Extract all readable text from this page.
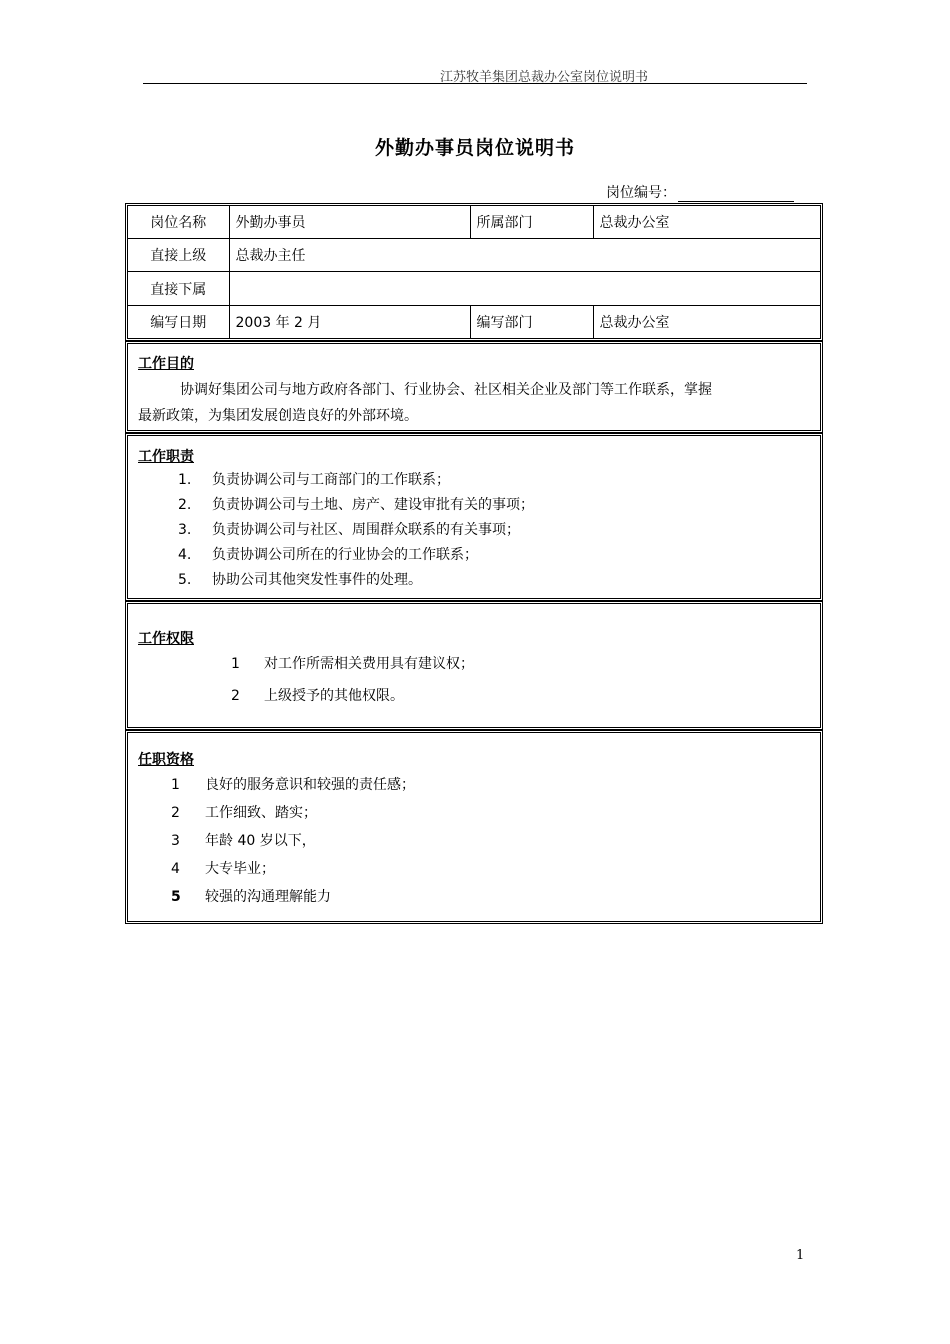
江苏牧羊集团总裁办公室岗位说明书
外勤办事员岗位说明书
岗位编号：
岗位名称	外勤办事员	所属部门	总裁办公室
直接上级	总裁办主任		
直接下属			
编写日期	2003 年 2 月	编写部门	总裁办公室
工作目的
协调好集团公司与地方政府各部门、行业协会、社区相关企业及部门等工作联系，掌握
最新政策，为集团发展创造良好的外部环境。
工作职责
1. 负责协调公司与工商部门的工作联系；
2. 负责协调公司与土地、房产、建设审批有关的事项；
3. 负责协调公司与社区、周围群众联系的有关事项；
4. 负责协调公司所在的行业协会的工作联系；
5. 协助公司其他突发性事件的处理。
工作权限
1 对工作所需相关费用具有建议权；
2 上级授予的其他权限。
任职资格
1 良好的服务意识和较强的责任感；
2 工作细致、踏实；
3 年龄 40 岁以下，
4 大专毕业；
5 较强的沟通理解能力
1
